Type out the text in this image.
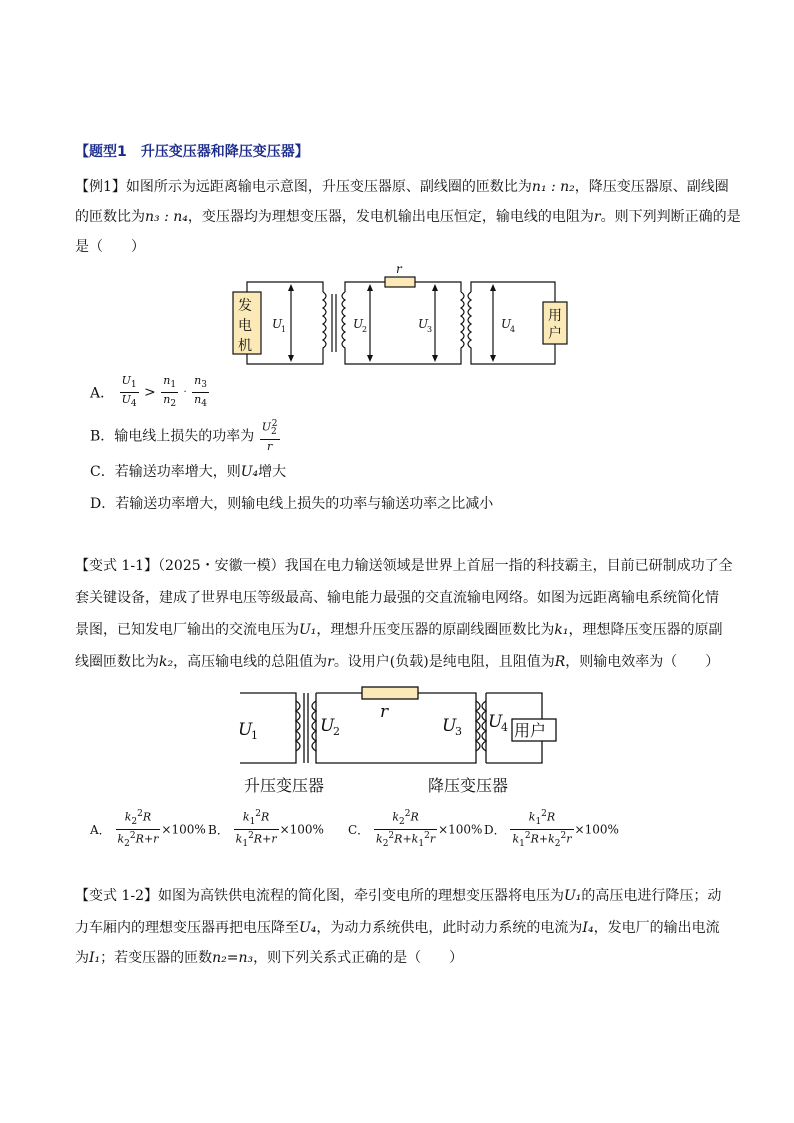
【题型1　升压变压器和降压变压器】
【例1】如图所示为远距离输电示意图，升压变压器原、副线圈的匝数比为n₁ : n₂，降压变压器原、副线圈
的匝数比为n₃ : n₄，变压器均为理想变压器，发电机输出电压恒定，输电线的电阻为r。则下列判断正确的是
是（　　）
发
电
机
用
户
r
U
1	U
2	U
3	U
4
A． $\frac{U_1}{U_4} > \frac{n_1}{n_2} \cdot \frac{n_3}{n_4}$
B．输电线上损失的功率为 $\frac{U_2^2}{r}$
C．若输送功率增大，则U₄增大
D．若输送功率增大，则输电线上损失的功率与输送功率之比减小
【变式 1-1】（2025・安徽一模）我国在电力输送领域是世界上首屈一指的科技霸主，目前已研制成功了全
套关键设备，建成了世界电压等级最高、输电能力最强的交直流输电网络。如图为远距离输电系统简化情
景图，已知发电厂输出的交流电压为U₁，理想升压变压器的原副线圈匝数比为k₁，理想降压变压器的原副
线圈匝数比为k₂，高压输电线的总阻值为r。设用户(负载)是纯电阻，且阻值为R，则输电效率为（　　）
U
1	U
2	U
3 U
4
r
用户
升压变压器	降压变压器
A． $\frac{k_2^2R}{k_2^2R+r} \times 100\%$ B． $\frac{k_1^2R}{k_1^2R+r} \times 100\%$ C． $\frac{k_2^2R}{k_2^2R+k_1^2r} \times 100\%$ D． $\frac{k_1^2R}{k_1^2R+k_2^2r} \times 100\%$
【变式 1-2】如图为高铁供电流程的简化图，牵引变电所的理想变压器将电压为U₁的高压电进行降压；动
力车厢内的理想变压器再把电压降至U₄，为动力系统供电，此时动力系统的电流为I₄，发电厂的输出电流
为I₁；若变压器的匝数n₂=n₃，则下列关系式正确的是（　　）
